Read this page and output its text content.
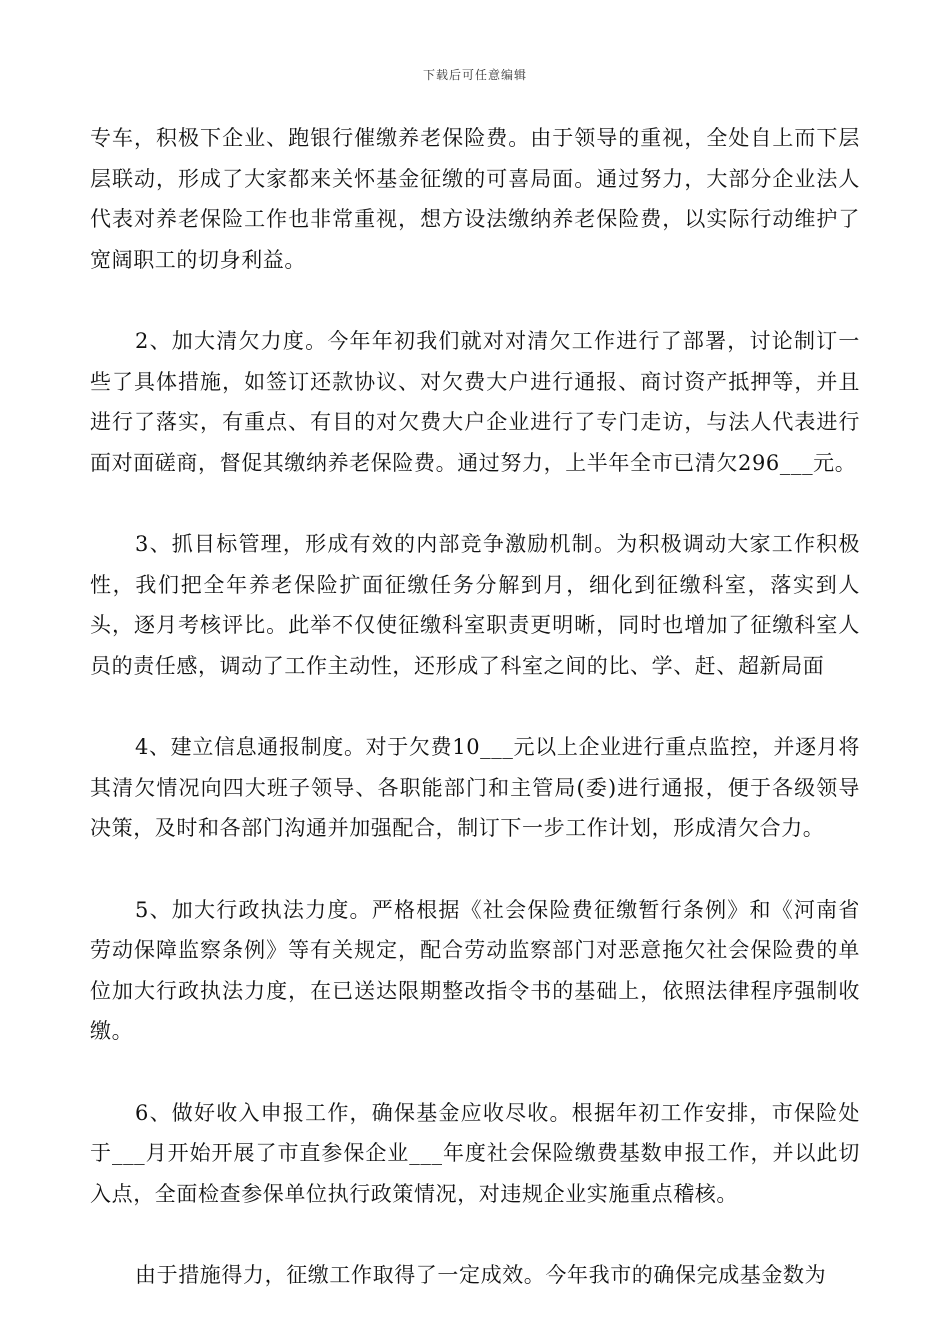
下载后可任意编辑

专车，积极下企业、跑银行催缴养老保险费。由于领导的重视，全处自上而下层层联动，形成了大家都来关怀基金征缴的可喜局面。通过努力，大部分企业法人代表对养老保险工作也非常重视，想方设法缴纳养老保险费，以实际行动维护了宽阔职工的切身利益。

2、加大清欠力度。今年年初我们就对对清欠工作进行了部署，讨论制订一些了具体措施，如签订还款协议、对欠费大户进行通报、商讨资产抵押等，并且进行了落实，有重点、有目的对欠费大户企业进行了专门走访，与法人代表进行面对面磋商，督促其缴纳养老保险费。通过努力，上半年全市已清欠296___元。

3、抓目标管理，形成有效的内部竞争激励机制。为积极调动大家工作积极性，我们把全年养老保险扩面征缴任务分解到月，细化到征缴科室，落实到人头，逐月考核评比。此举不仅使征缴科室职责更明晰，同时也增加了征缴科室人员的责任感，调动了工作主动性，还形成了科室之间的比、学、赶、超新局面

4、建立信息通报制度。对于欠费10___元以上企业进行重点监控，并逐月将其清欠情况向四大班子领导、各职能部门和主管局(委)进行通报，便于各级领导决策，及时和各部门沟通并加强配合，制订下一步工作计划，形成清欠合力。

5、加大行政执法力度。严格根据《社会保险费征缴暂行条例》和《河南省劳动保障监察条例》等有关规定，配合劳动监察部门对恶意拖欠社会保险费的单位加大行政执法力度，在已送达限期整改指令书的基础上，依照法律程序强制收缴。

6、做好收入申报工作，确保基金应收尽收。根据年初工作安排，市保险处于___月开始开展了市直参保企业___年度社会保险缴费基数申报工作，并以此切入点，全面检查参保单位执行政策情况，对违规企业实施重点稽核。

由于措施得力，征缴工作取得了一定成效。今年我市的确保完成基金数为
